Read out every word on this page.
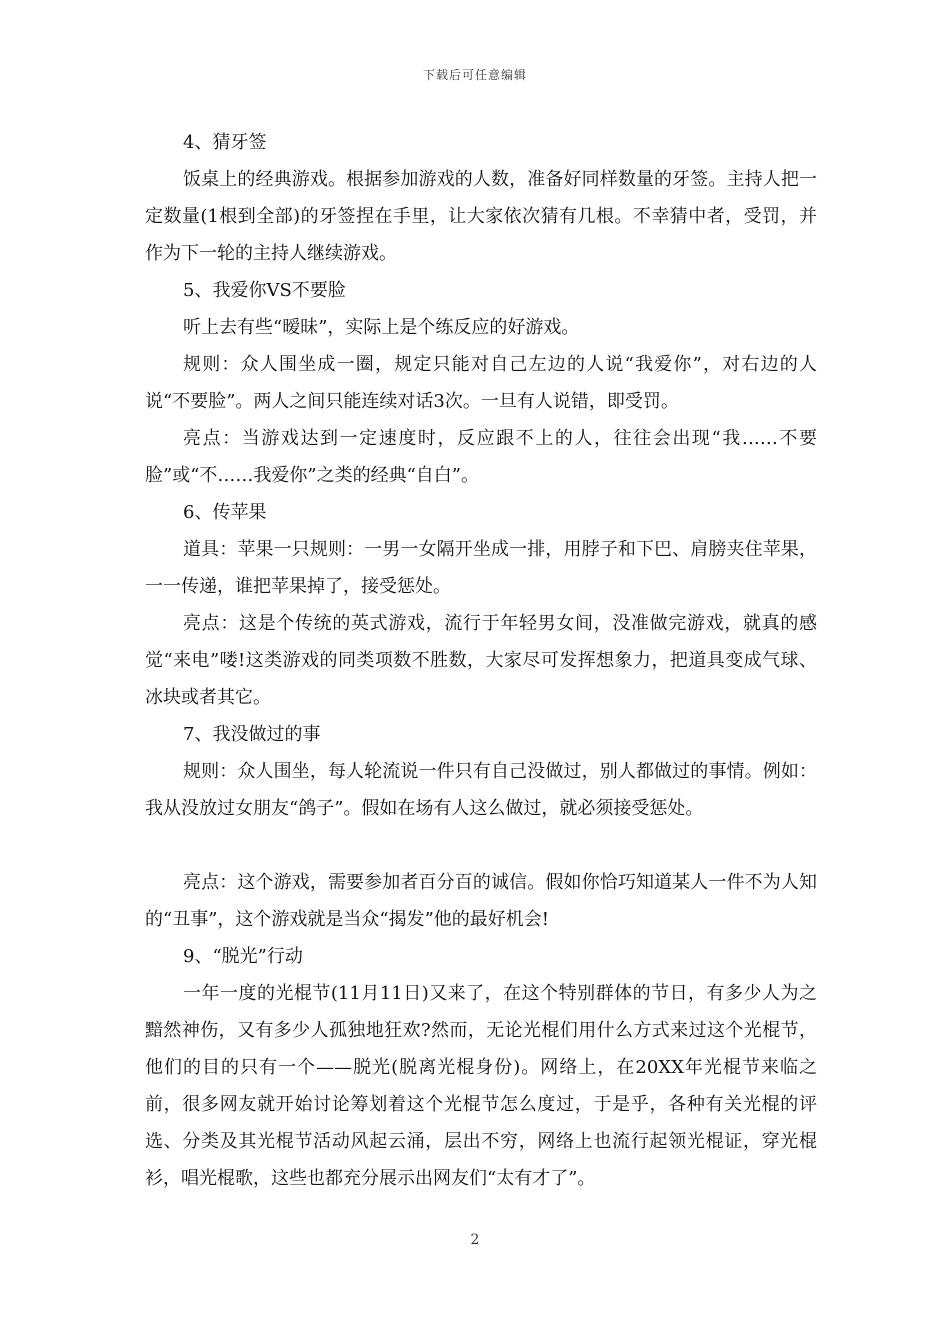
下载后可任意编辑

4、猜牙签

饭桌上的经典游戏。根据参加游戏的人数，准备好同样数量的牙签。主持人把一定数量(1根到全部)的牙签捏在手里，让大家依次猜有几根。不幸猜中者，受罚，并作为下一轮的主持人继续游戏。

5、我爱你VS不要脸

听上去有些“暧昧”，实际上是个练反应的好游戏。

规则：众人围坐成一圈，规定只能对自己左边的人说“我爱你”，对右边的人说“不要脸”。两人之间只能连续对话3次。一旦有人说错，即受罚。

亮点：当游戏达到一定速度时，反应跟不上的人，往往会出现“我……不要脸”或“不……我爱你”之类的经典“自白”。

6、传苹果

道具：苹果一只规则：一男一女隔开坐成一排，用脖子和下巴、肩膀夹住苹果，一一传递，谁把苹果掉了，接受惩处。

亮点：这是个传统的英式游戏，流行于年轻男女间，没准做完游戏，就真的感觉“来电”喽!这类游戏的同类项数不胜数，大家尽可发挥想象力，把道具变成气球、冰块或者其它。

7、我没做过的事

规则：众人围坐，每人轮流说一件只有自己没做过，别人都做过的事情。例如：我从没放过女朋友“鸽子”。假如在场有人这么做过，就必须接受惩处。

亮点：这个游戏，需要参加者百分百的诚信。假如你恰巧知道某人一件不为人知的“丑事”，这个游戏就是当众“揭发”他的最好机会!

9、“脱光”行动

一年一度的光棍节(11月11日)又来了，在这个特别群体的节日，有多少人为之黯然神伤，又有多少人孤独地狂欢?然而，无论光棍们用什么方式来过这个光棍节，他们的目的只有一个——脱光(脱离光棍身份)。网络上，在20XX年光棍节来临之前，很多网友就开始讨论筹划着这个光棍节怎么度过，于是乎，各种有关光棍的评选、分类及其光棍节活动风起云涌，层出不穷，网络上也流行起领光棍证，穿光棍衫，唱光棍歌，这些也都充分展示出网友们“太有才了”。

2
